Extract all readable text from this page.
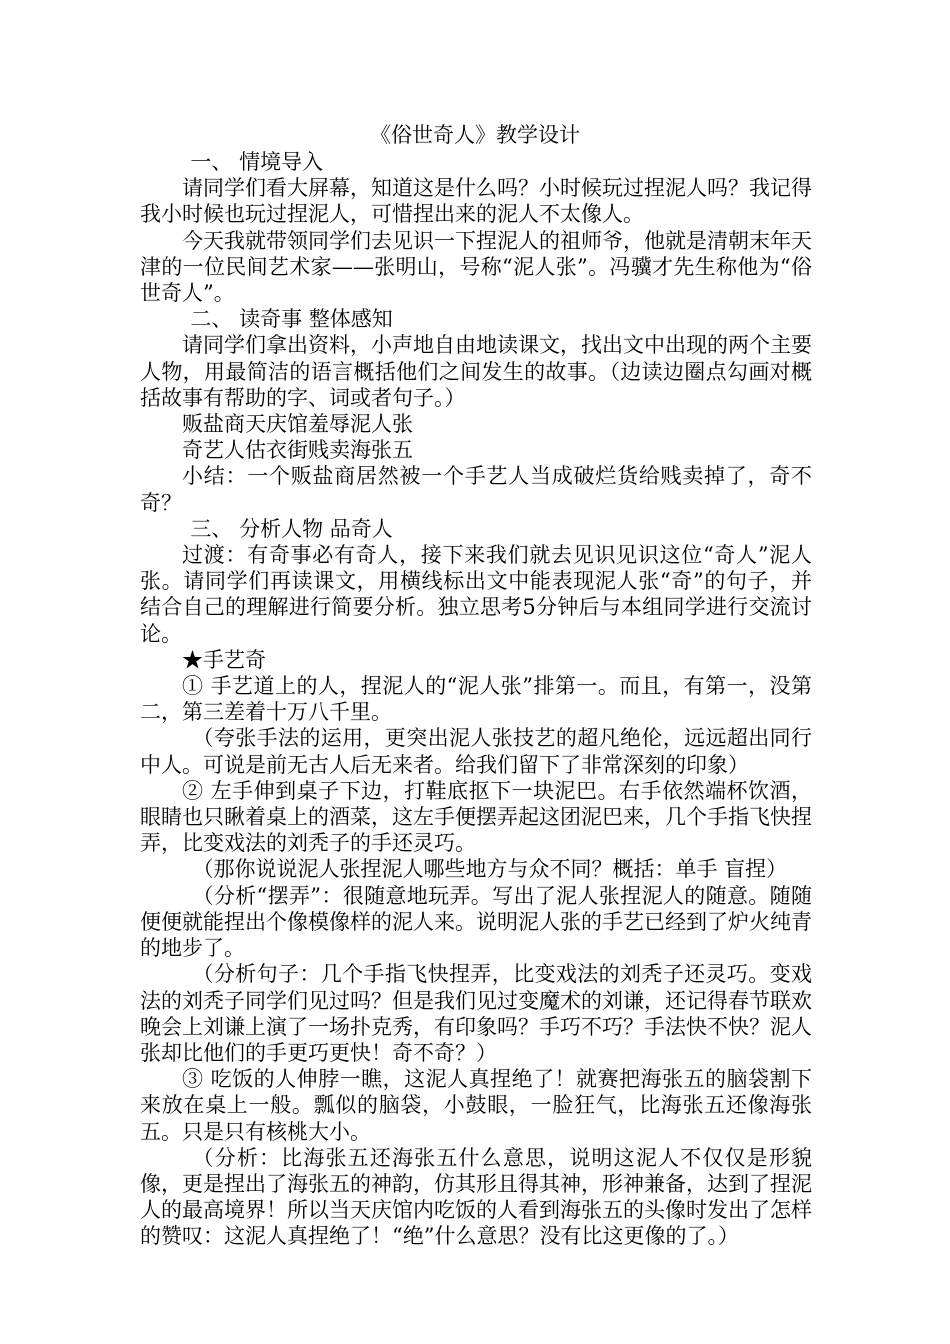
《俗世奇人》教学设计

一、 情境导入

请同学们看大屏幕，知道这是什么吗？小时候玩过捏泥人吗？我记得我小时候也玩过捏泥人，可惜捏出来的泥人不太像人。

今天我就带领同学们去见识一下捏泥人的祖师爷，他就是清朝末年天津的一位民间艺术家——张明山，号称“泥人张”。冯骥才先生称他为“俗世奇人”。

二、 读奇事 整体感知

请同学们拿出资料，小声地自由地读课文，找出文中出现的两个主要人物，用最简洁的语言概括他们之间发生的故事。（边读边圈点勾画对概括故事有帮助的字、词或者句子。）

贩盐商天庆馆羞辱泥人张

奇艺人估衣街贱卖海张五

小结：一个贩盐商居然被一个手艺人当成破烂货给贱卖掉了，奇不奇？

三、 分析人物 品奇人

过渡：有奇事必有奇人，接下来我们就去见识见识这位“奇人”泥人张。请同学们再读课文，用横线标出文中能表现泥人张“奇”的句子，并结合自己的理解进行简要分析。独立思考5分钟后与本组同学进行交流讨论。

★手艺奇

① 手艺道上的人，捏泥人的“泥人张”排第一。而且，有第一，没第二，第三差着十万八千里。

（夸张手法的运用，更突出泥人张技艺的超凡绝伦，远远超出同行中人。可说是前无古人后无来者。给我们留下了非常深刻的印象）

② 左手伸到桌子下边，打鞋底抠下一块泥巴。右手依然端杯饮酒，眼睛也只瞅着桌上的酒菜，这左手便摆弄起这团泥巴来，几个手指飞快捏弄，比变戏法的刘秃子的手还灵巧。

（那你说说泥人张捏泥人哪些地方与众不同？概括：单手 盲捏）

（分析“摆弄”：很随意地玩弄。写出了泥人张捏泥人的随意。随随便便就能捏出个像模像样的泥人来。说明泥人张的手艺已经到了炉火纯青的地步了。

（分析句子：几个手指飞快捏弄，比变戏法的刘秃子还灵巧。变戏法的刘秃子同学们见过吗？但是我们见过变魔术的刘谦，还记得春节联欢晚会上刘谦上演了一场扑克秀，有印象吗？手巧不巧？手法快不快？泥人张却比他们的手更巧更快！奇不奇？）

③ 吃饭的人伸脖一瞧，这泥人真捏绝了！就赛把海张五的脑袋割下来放在桌上一般。瓢似的脑袋，小鼓眼，一脸狂气，比海张五还像海张五。只是只有核桃大小。

（分析：比海张五还海张五什么意思，说明这泥人不仅仅是形貌像，更是捏出了海张五的神韵，仿其形且得其神，形神兼备，达到了捏泥人的最高境界！所以当天庆馆内吃饭的人看到海张五的头像时发出了怎样的赞叹：这泥人真捏绝了！“绝”什么意思？没有比这更像的了。）
